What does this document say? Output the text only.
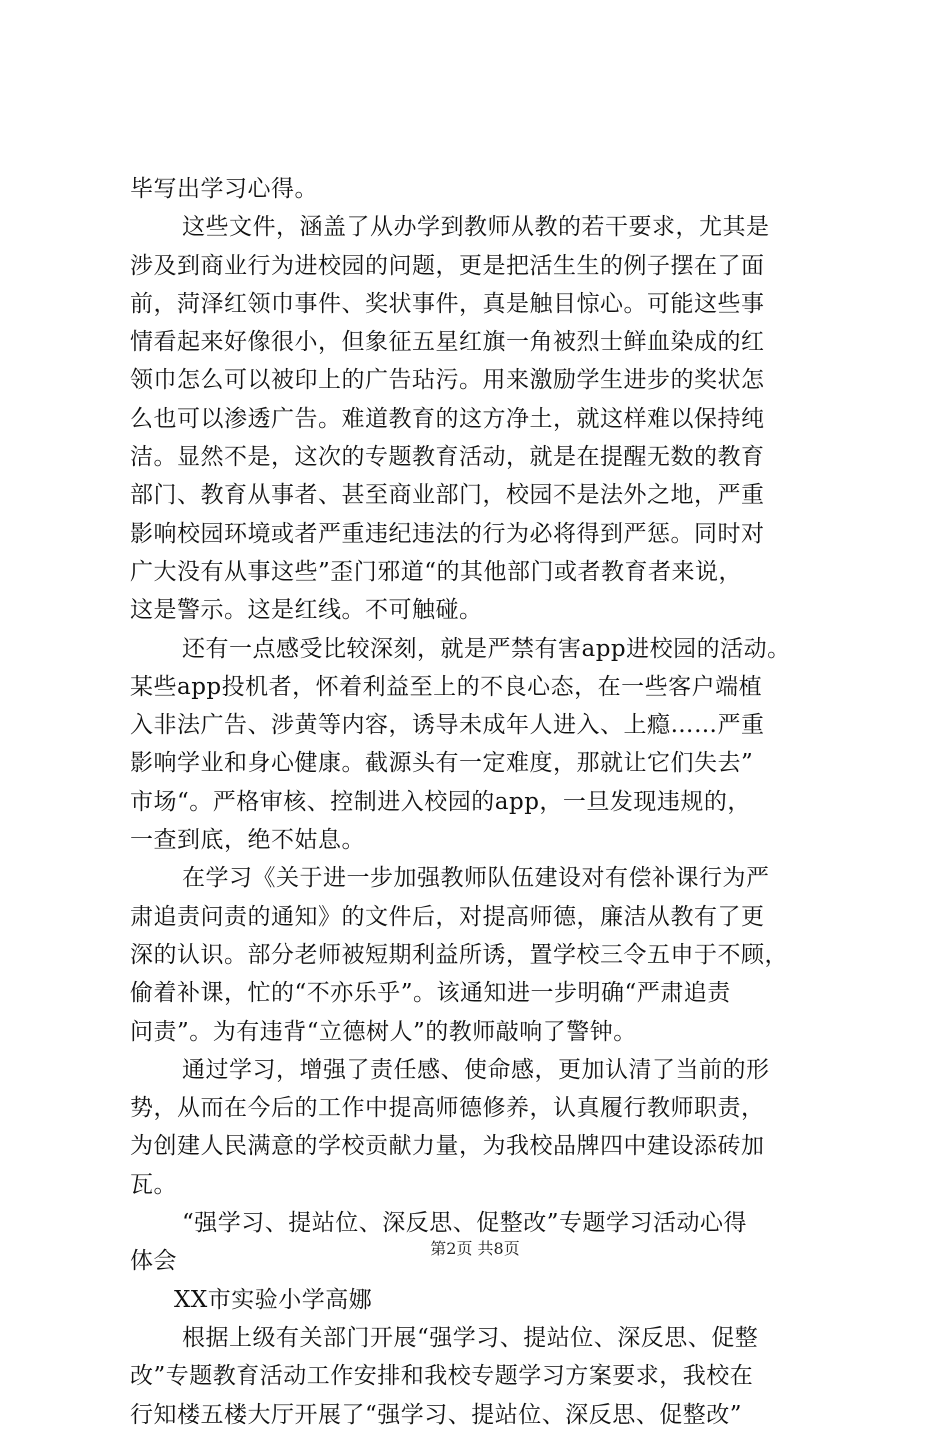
毕写出学习心得。
这些文件，涵盖了从办学到教师从教的若干要求，尤其是
涉及到商业行为进校园的问题，更是把活生生的例子摆在了面
前，菏泽红领巾事件、奖状事件，真是触目惊心。可能这些事
情看起来好像很小，但象征五星红旗一角被烈士鲜血染成的红
领巾怎么可以被印上的广告玷污。用来激励学生进步的奖状怎
么也可以渗透广告。难道教育的这方净土，就这样难以保持纯
洁。显然不是，这次的专题教育活动，就是在提醒无数的教育
部门、教育从事者、甚至商业部门，校园不是法外之地，严重
影响校园环境或者严重违纪违法的行为必将得到严惩。同时对
广大没有从事这些”歪门邪道“的其他部门或者教育者来说，
这是警示。这是红线。不可触碰。
还有一点感受比较深刻，就是严禁有害app进校园的活动。
某些app投机者，怀着利益至上的不良心态，在一些客户端植
入非法广告、涉黄等内容，诱导未成年人进入、上瘾……严重
影响学业和身心健康。截源头有一定难度，那就让它们失去”
市场“。严格审核、控制进入校园的app，一旦发现违规的，
一查到底，绝不姑息。
在学习《关于进一步加强教师队伍建设对有偿补课行为严
肃追责问责的通知》的文件后，对提高师德，廉洁从教有了更
深的认识。部分老师被短期利益所诱，置学校三令五申于不顾，
偷着补课，忙的“不亦乐乎”。该通知进一步明确“严肃追责
问责”。为有违背“立德树人”的教师敲响了警钟。
通过学习，增强了责任感、使命感，更加认清了当前的形
势，从而在今后的工作中提高师德修养，认真履行教师职责，
为创建人民满意的学校贡献力量，为我校品牌四中建设添砖加
瓦。
“强学习、提站位、深反思、促整改”专题学习活动心得
体会
XX市实验小学高娜
根据上级有关部门开展“强学习、提站位、深反思、促整
改”专题教育活动工作安排和我校专题学习方案要求，我校在
行知楼五楼大厅开展了“强学习、提站位、深反思、促整改”
第2页 共8页
